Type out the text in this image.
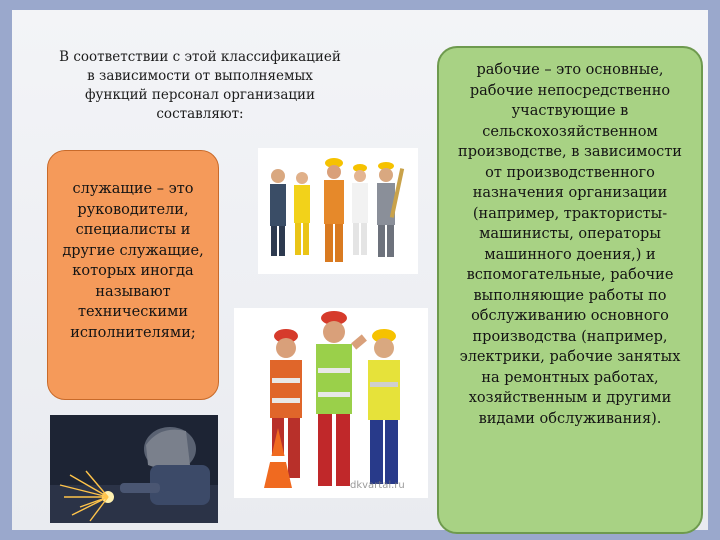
В соответствии с этой классификацией в зависимости от выполняемых функций персонал организации составляют:
служащие – это руководители, специалисты и другие служащие, которых иногда называют техническими исполнителями;
dkvartal.ru
рабочие – это основные, рабочие непосредственно участвующие в сельскохозяйственном производстве, в зависимости от производственного назначения организации (например, трактористы-машинисты, операторы машинного доения,) и вспомогательные, рабочие выполняющие работы по обслуживанию основного производства (например, электрики, рабочие занятых на ремонтных работах, хозяйственным и другими видами обслуживания).
